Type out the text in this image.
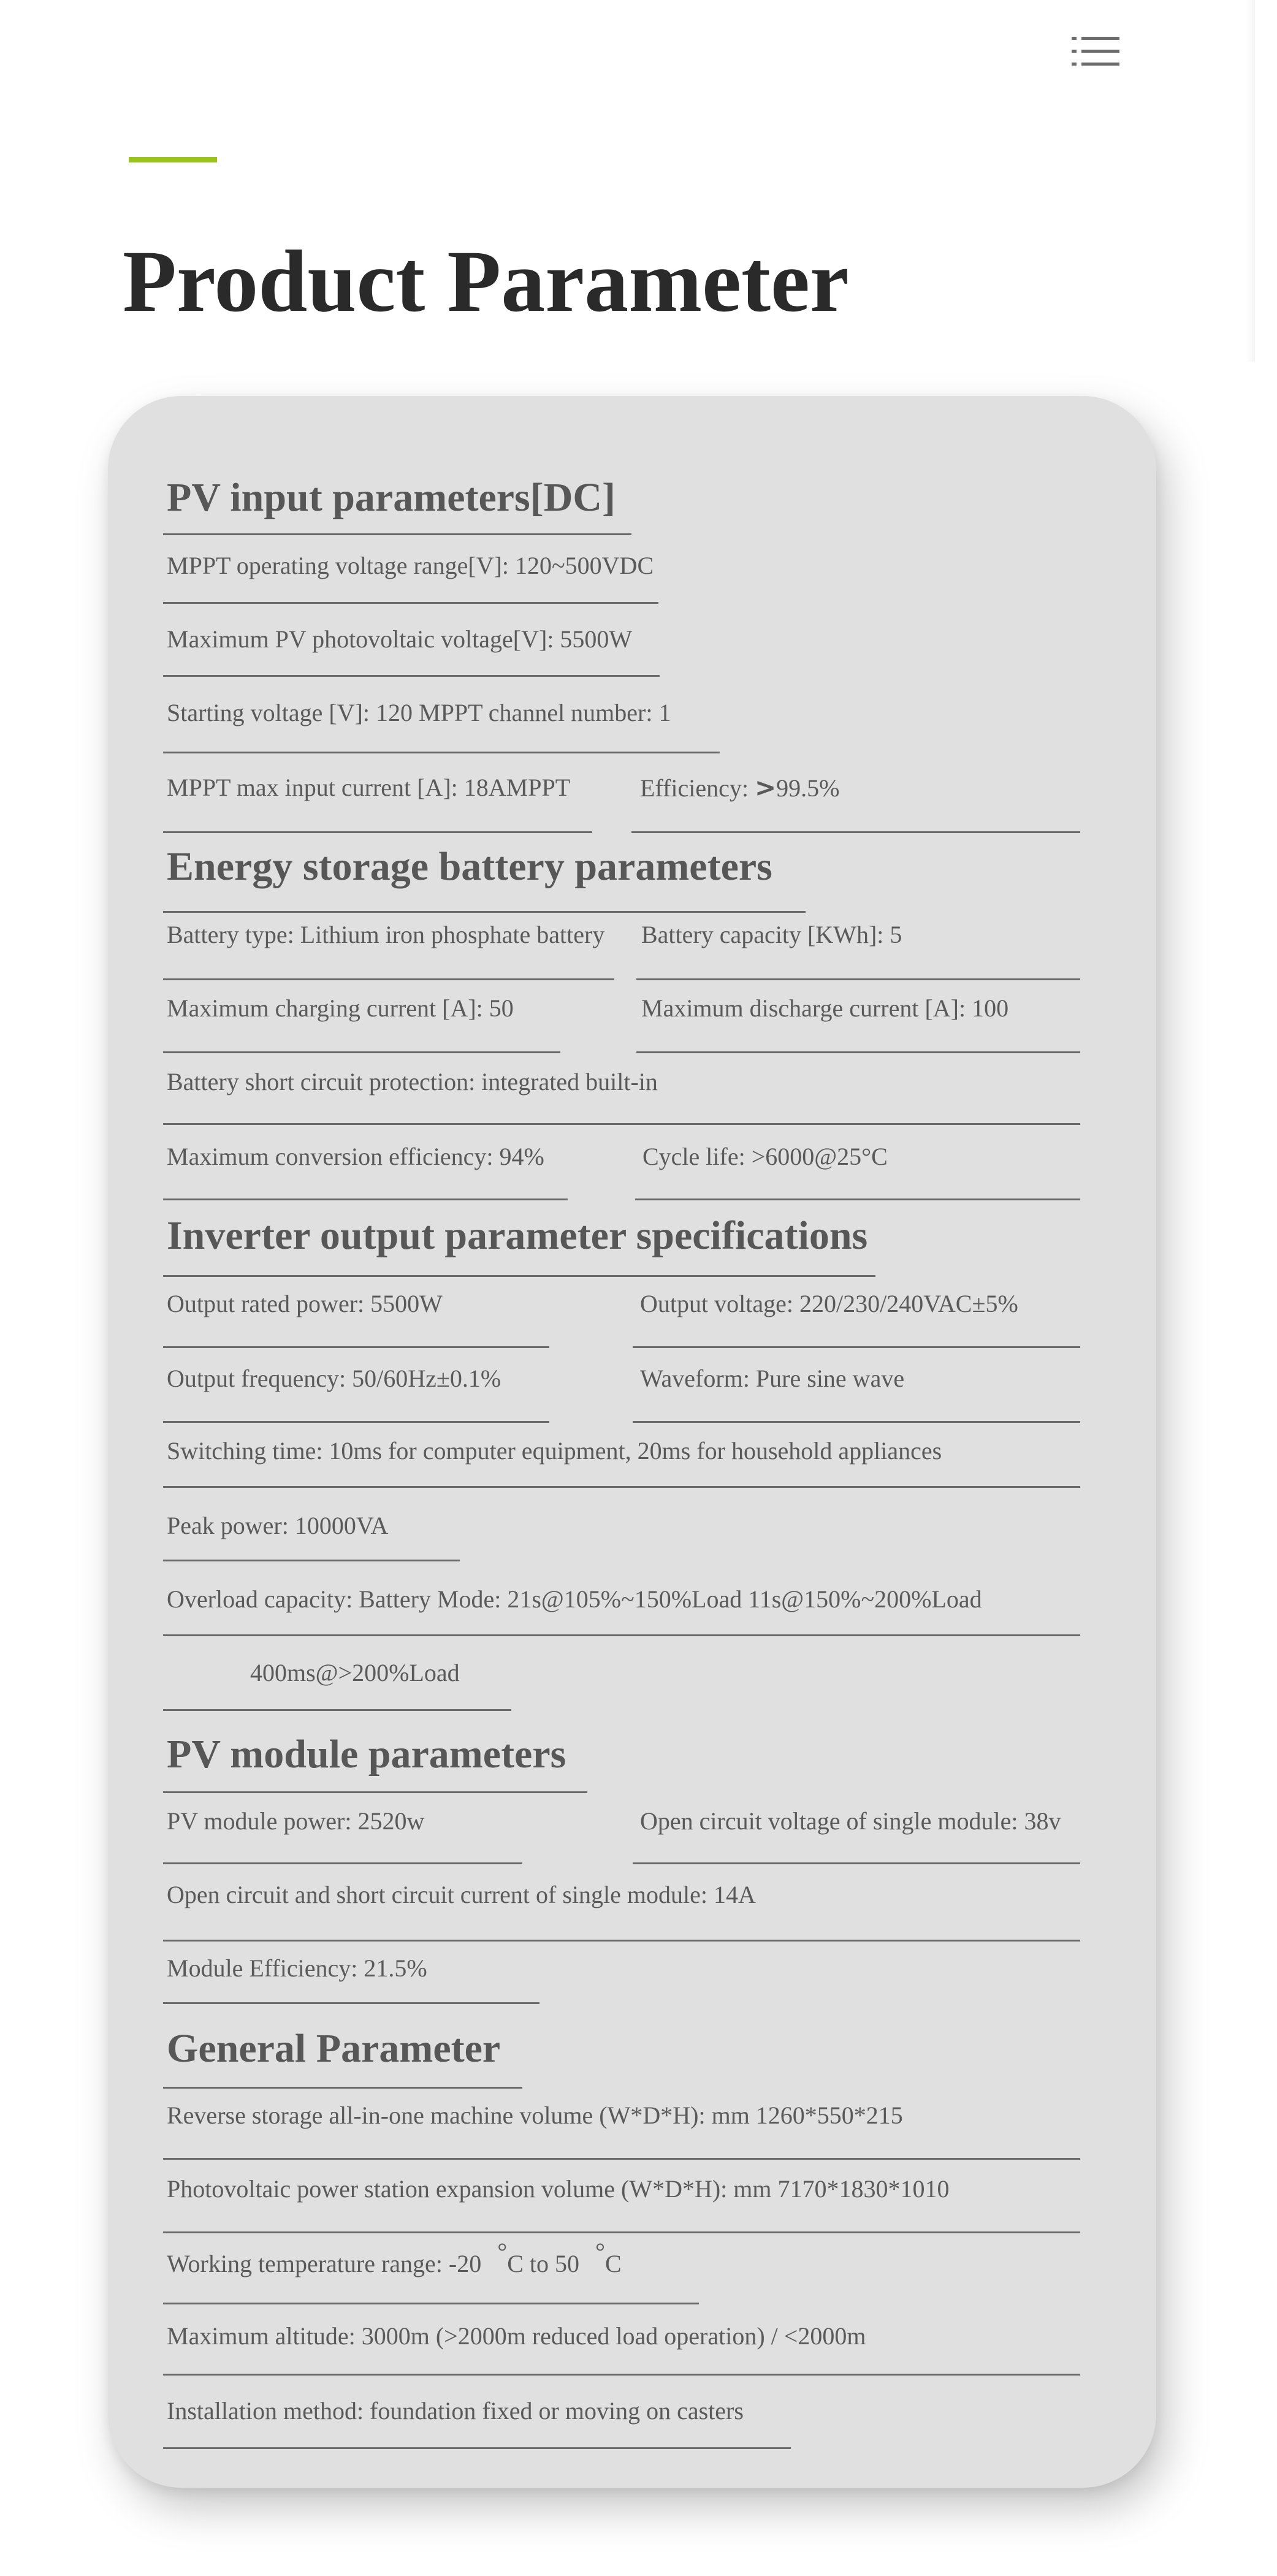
Product Parameter
PV input parameters[DC]
MPPT operating voltage range[V]: 120~500VDC
Maximum PV photovoltaic voltage[V]: 5500W
Starting voltage [V]: 120 MPPT channel number: 1
MPPT max input current [A]: 18AMPPT	Efficiency: >99.5%
Energy storage battery parameters
Battery type: Lithium iron phosphate battery Battery capacity [KWh]: 5
Maximum charging current [A]: 50	Maximum discharge current [A]: 100
Battery short circuit protection: integrated built-in
Maximum conversion efficiency: 94%	Cycle life: >6000@25°C
Inverter output parameter specifications
Output rated power: 5500W	Output voltage: 220/230/240VAC±5%
Output frequency: 50/60Hz±0.1%	Waveform: Pure sine wave
Switching time: 10ms for computer equipment, 20ms for household appliances
Peak power: 10000VA
Overload capacity: Battery Mode: 21s@105%~150%Load 11s@150%~200%Load
400ms@>200%Load
PV module parameters
PV module power: 2520w	Open circuit voltage of single module: 38v
Open circuit and short circuit current of single module: 14A
Module Efficiency: 21.5%
General Parameter
Reverse storage all-in-one machine volume (W*D*H): mm 1260*550*215
Photovoltaic power station expansion volume (W*D*H): mm 7170*1830*1010
Working temperature range: -20 °C to 50 °C
Maximum altitude: 3000m (>2000m reduced load operation) / <2000m
Installation method: foundation fixed or moving on casters
